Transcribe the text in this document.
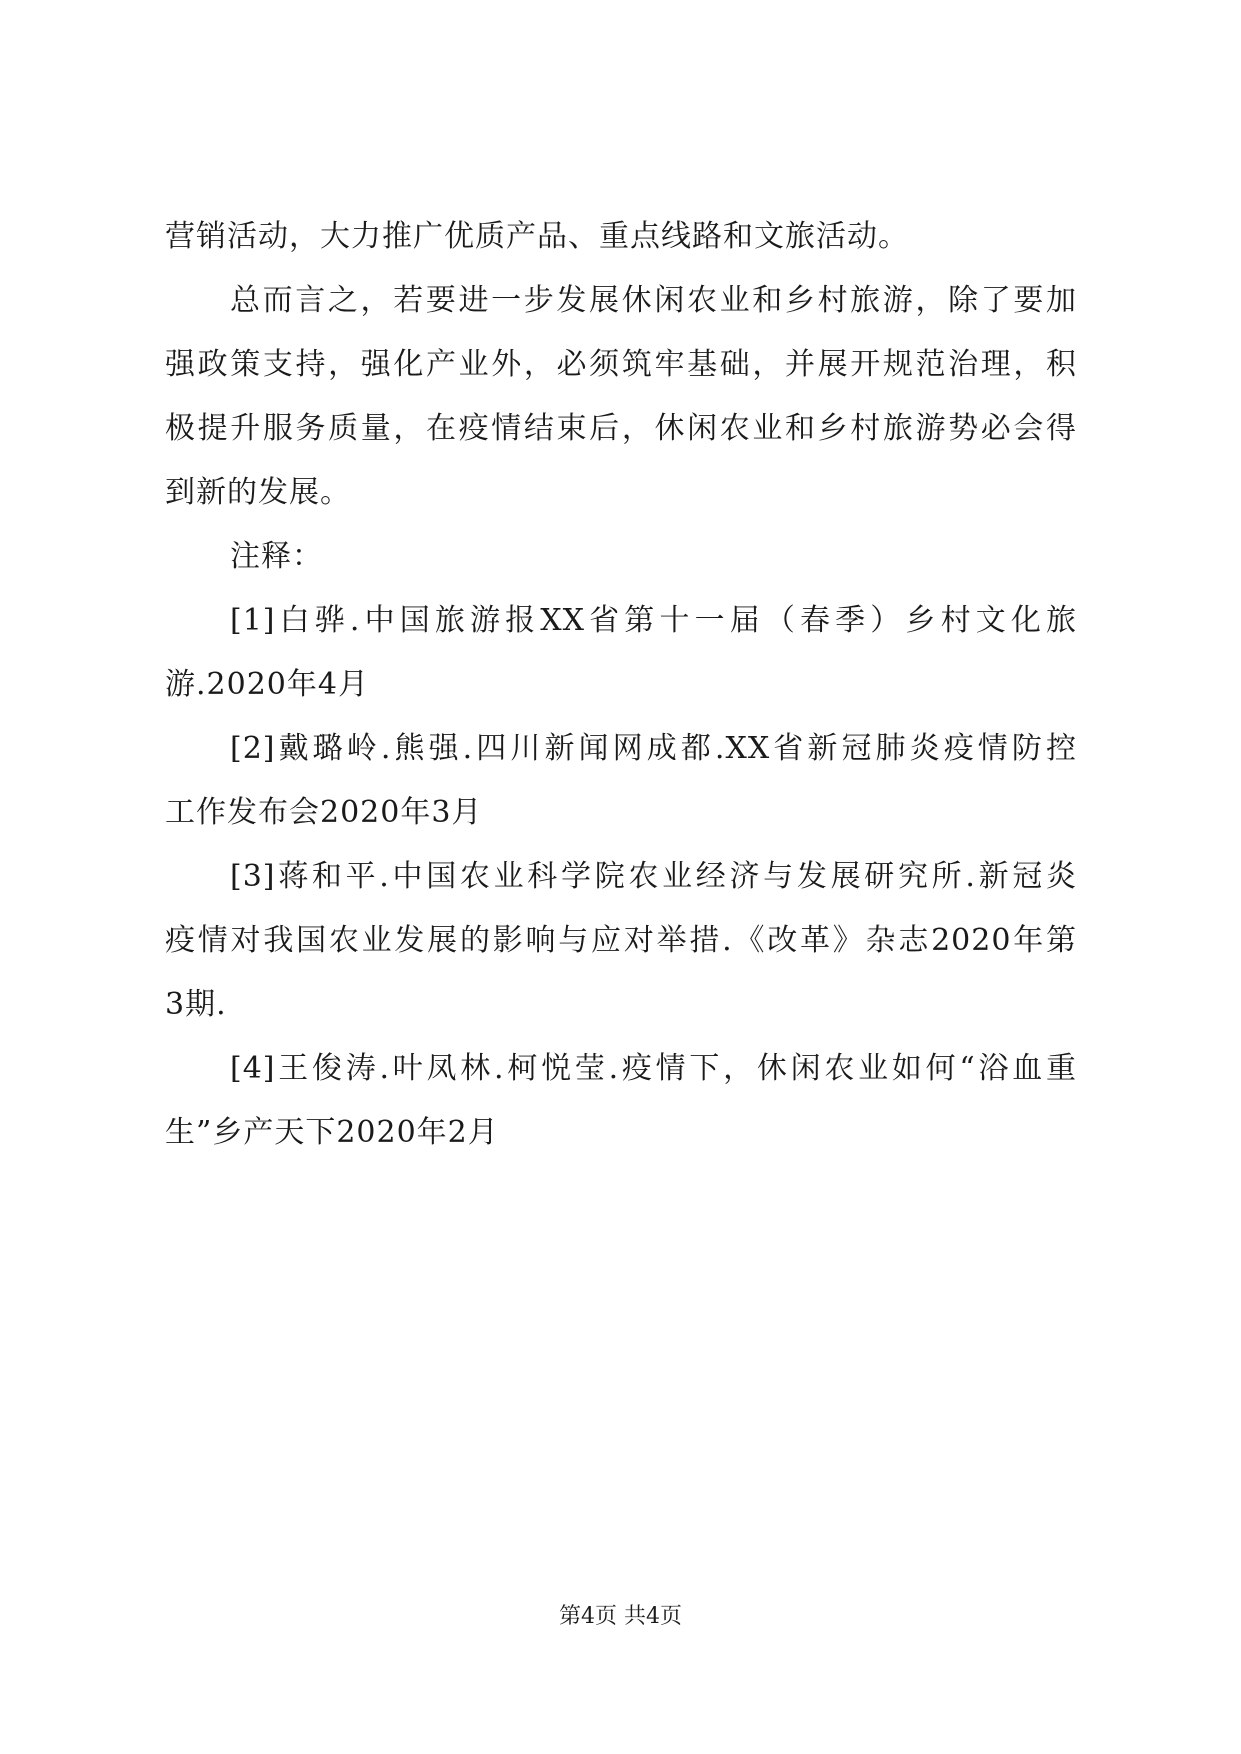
营销活动，大力推广优质产品、重点线路和文旅活动。
总而言之，若要进一步发展休闲农业和乡村旅游，除了要加
强政策支持，强化产业外，必须筑牢基础，并展开规范治理，积
极提升服务质量，在疫情结束后，休闲农业和乡村旅游势必会得
到新的发展。
注释：
[1]白骅.中国旅游报XX省第十一届（春季）乡村文化旅
游.2020年4月
[2]戴璐岭.熊强.四川新闻网成都.XX省新冠肺炎疫情防控
工作发布会2020年3月
[3]蒋和平.中国农业科学院农业经济与发展研究所.新冠炎
疫情对我国农业发展的影响与应对举措.《改革》杂志2020年第
3期.
[4]王俊涛.叶凤林.柯悦莹.疫情下，休闲农业如何“浴血重
生”乡产天下2020年2月
第4页 共4页
